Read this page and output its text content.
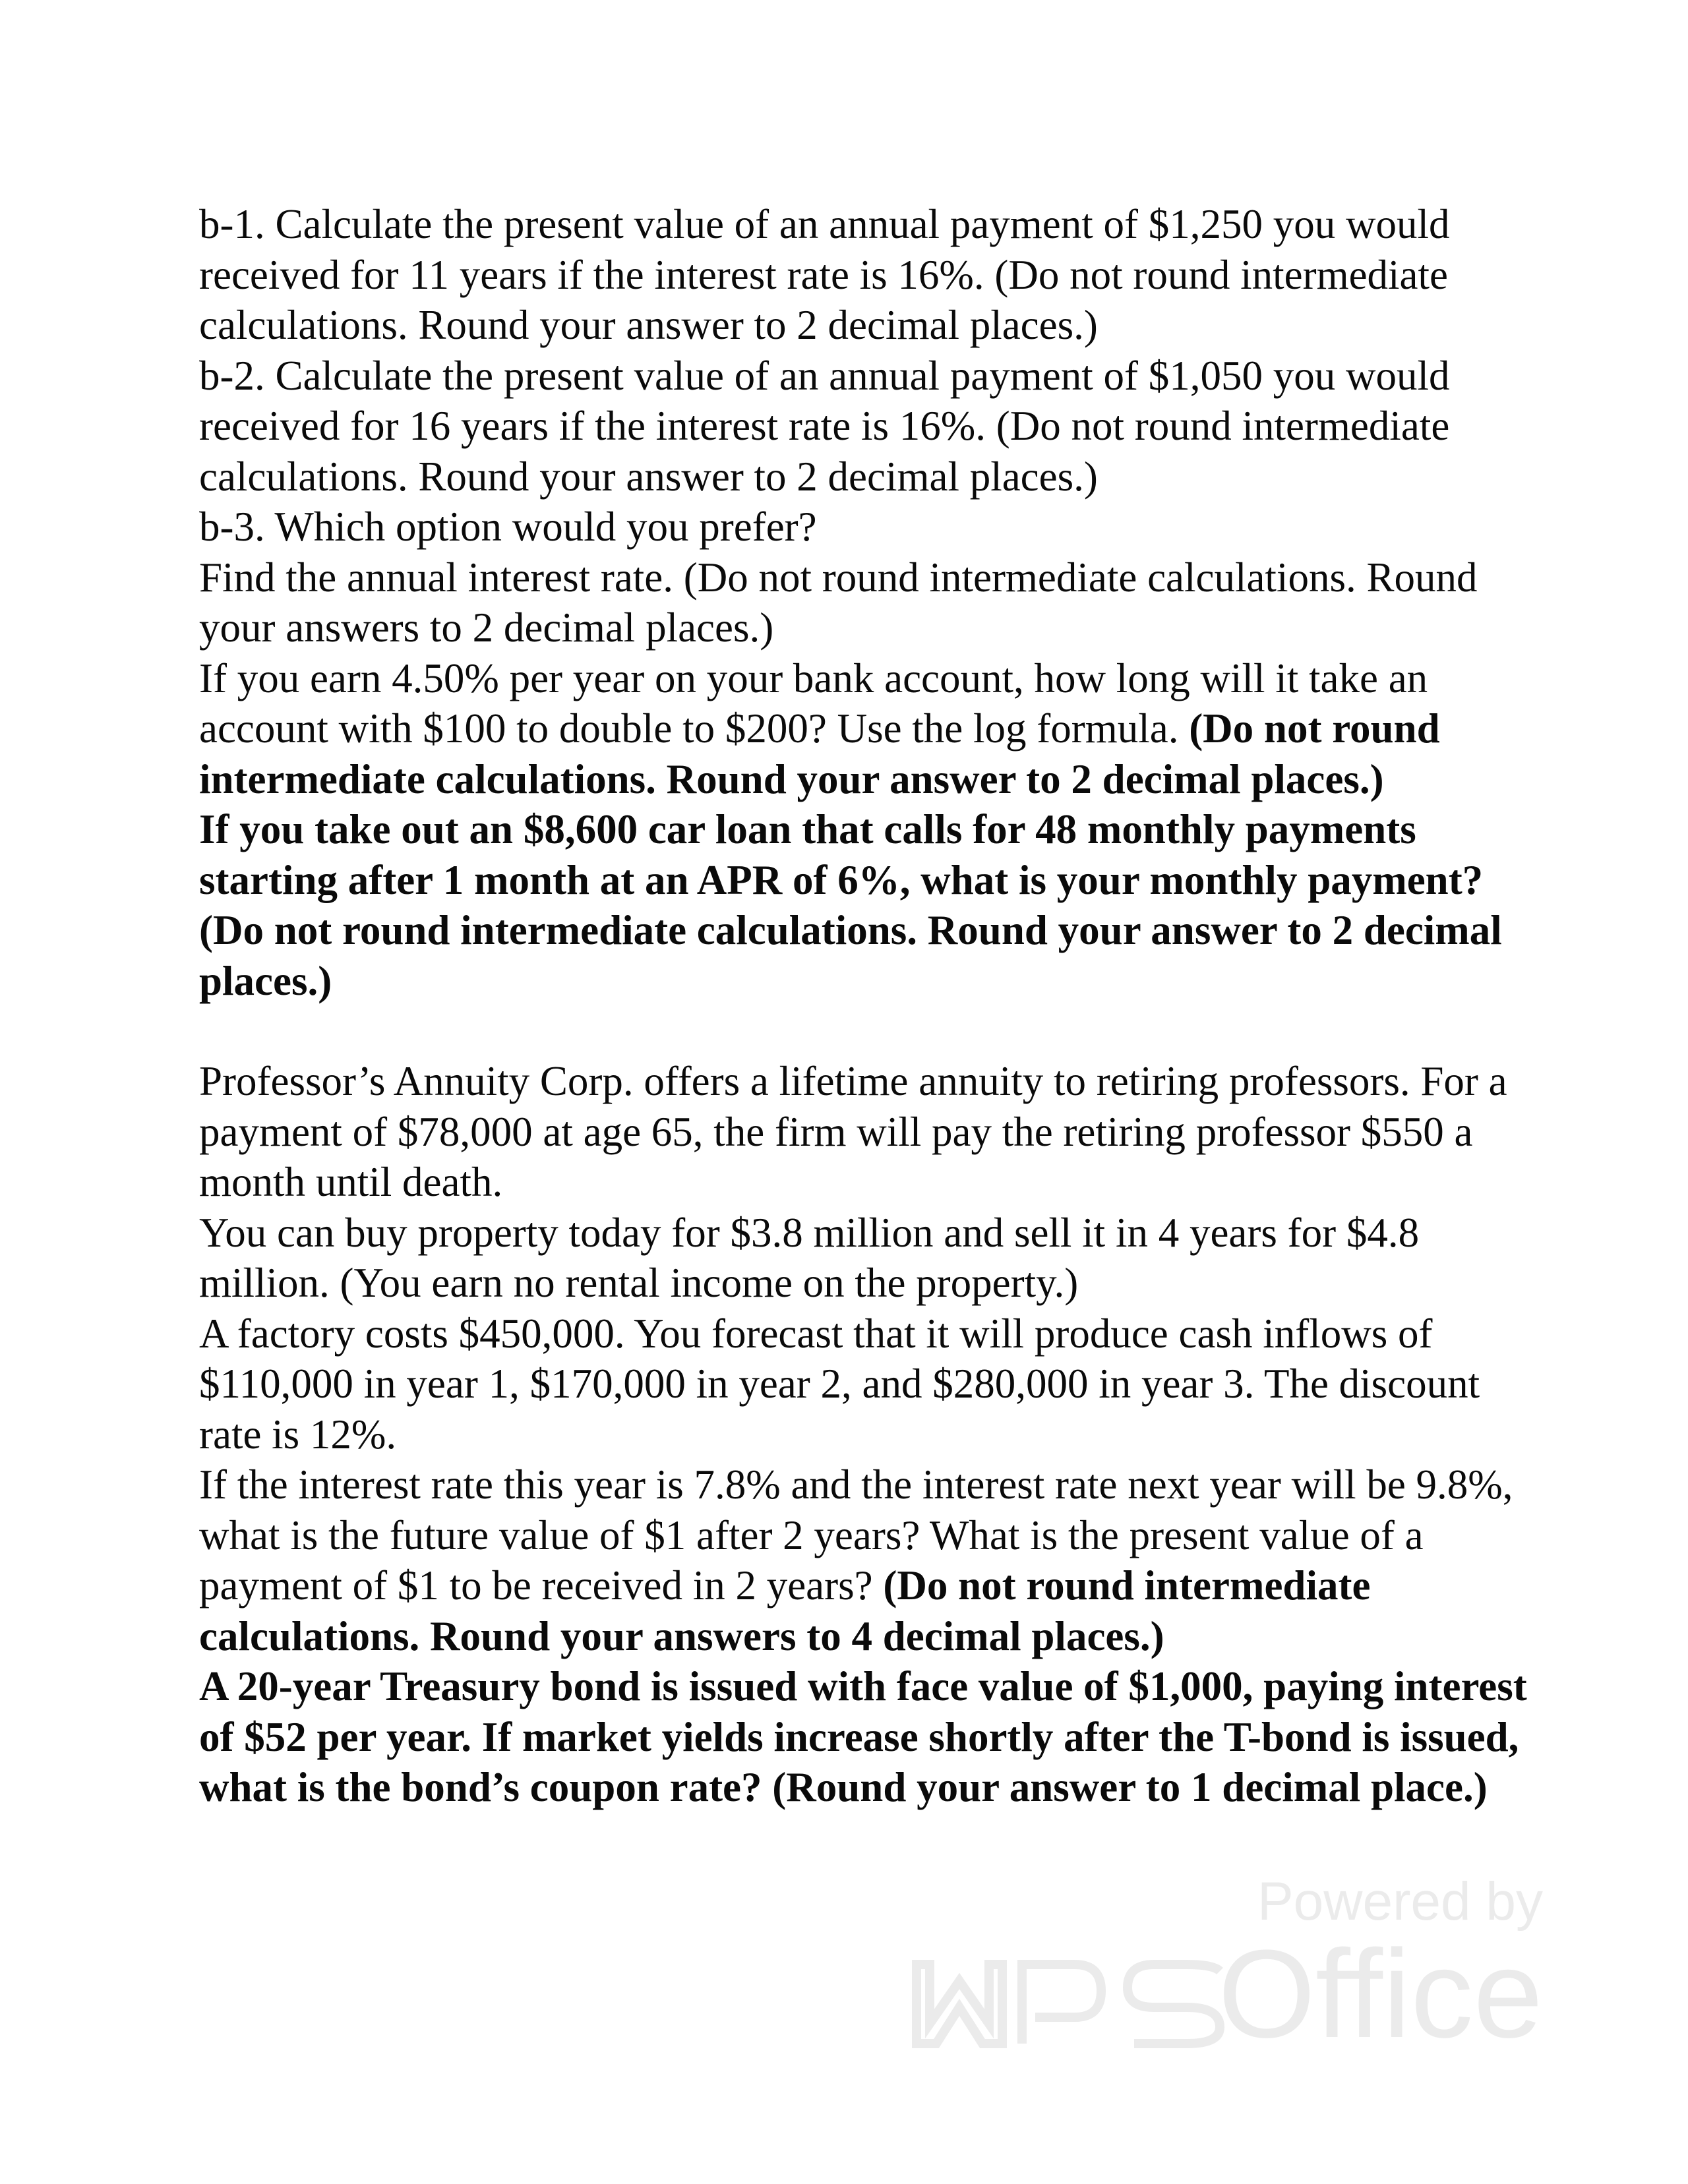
b-1. Calculate the present value of an annual payment of $1,250 you would received for 11 years if the interest rate is 16%. (Do not round intermediate calculations. Round your answer to 2 decimal places.)

b-2. Calculate the present value of an annual payment of $1,050 you would received for 16 years if the interest rate is 16%. (Do not round intermediate calculations. Round your answer to 2 decimal places.)

b-3. Which option would you prefer?

Find the annual interest rate. (Do not round intermediate calculations. Round your answers to 2 decimal places.)

If you earn 4.50% per year on your bank account, how long will it take an account with $100 to double to $200? Use the log formula. (Do not round intermediate calculations. Round your answer to 2 decimal places.)

If you take out an $8,600 car loan that calls for 48 monthly payments starting after 1 month at an APR of 6%, what is your monthly payment? (Do not round intermediate calculations. Round your answer to 2 decimal places.)

Professor’s Annuity Corp. offers a lifetime annuity to retiring professors. For a payment of $78,000 at age 65, the firm will pay the retiring professor $550 a month until death.

You can buy property today for $3.8 million and sell it in 4 years for $4.8 million. (You earn no rental income on the property.)

A factory costs $450,000. You forecast that it will produce cash inflows of $110,000 in year 1, $170,000 in year 2, and $280,000 in year 3. The discount rate is 12%.

If the interest rate this year is 7.8% and the interest rate next year will be 9.8%, what is the future value of $1 after 2 years? What is the present value of a payment of $1 to be received in 2 years? (Do not round intermediate calculations. Round your answers to 4 decimal places.)

A 20-year Treasury bond is issued with face value of $1,000, paying interest of $52 per year. If market yields increase shortly after the T-bond is issued, what is the bond’s coupon rate? (Round your answer to 1 decimal place.)

Powered by
Office
